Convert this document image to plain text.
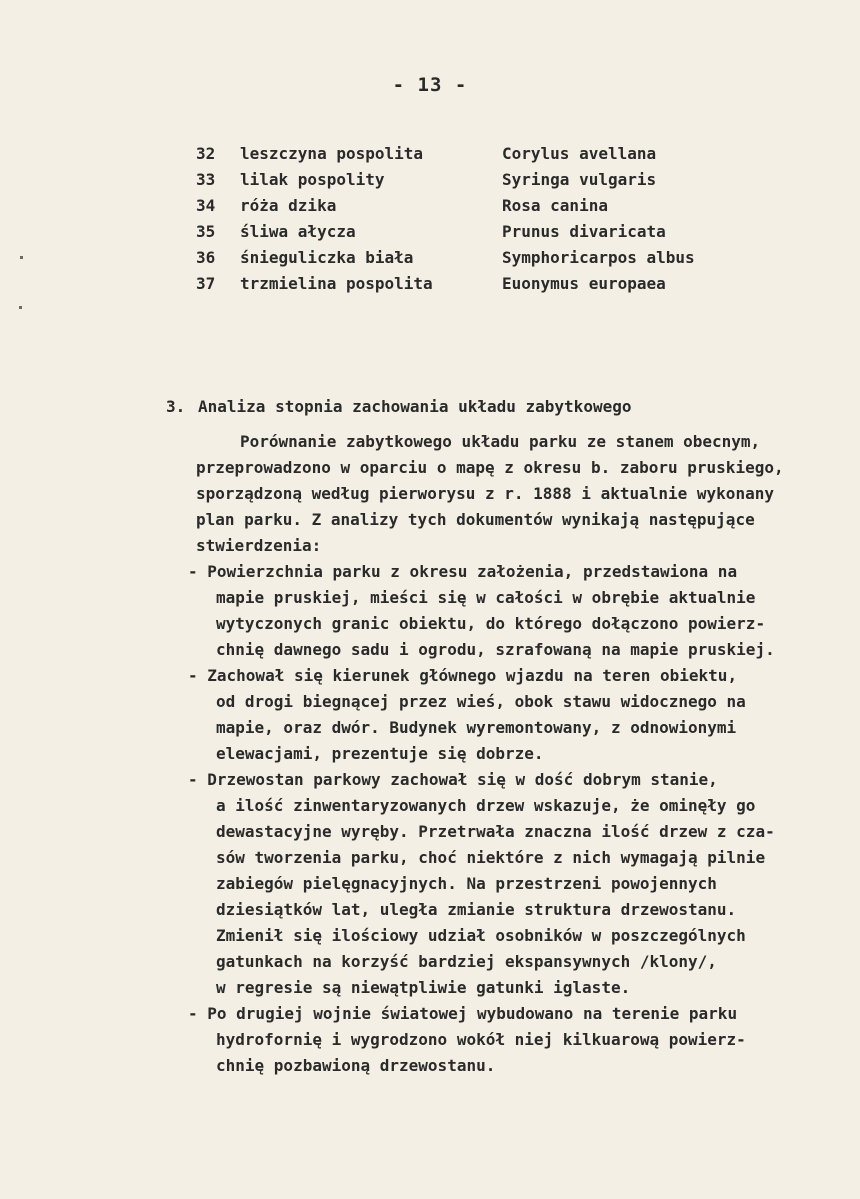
- 13 -
32 leszczyna pospolita	Corylus avellana
33 lilak pospolity	Syringa vulgaris
34 róża dzika	Rosa canina
35 śliwa ałycza	Prunus divaricata
36 śnieguliczka biała	Symphoricarpos albus
37 trzmielina pospolita	Euonymus europaea
3. Analiza stopnia zachowania układu zabytkowego
Porównanie zabytkowego układu parku ze stanem obecnym,
przeprowadzono w oparciu o mapę z okresu b. zaboru pruskiego,
sporządzoną według pierworysu z r. 1888 i aktualnie wykonany
plan parku. Z analizy tych dokumentów wynikają następujące
stwierdzenia:
- Powierzchnia parku z okresu założenia, przedstawiona na
mapie pruskiej, mieści się w całości w obrębie aktualnie
wytyczonych granic obiektu, do którego dołączono powierz-
chnię dawnego sadu i ogrodu, szrafowaną na mapie pruskiej.
- Zachował się kierunek głównego wjazdu na teren obiektu,
od drogi biegnącej przez wieś, obok stawu widocznego na
mapie, oraz dwór. Budynek wyremontowany, z odnowionymi
elewacjami, prezentuje się dobrze.
- Drzewostan parkowy zachował się w dość dobrym stanie,
a ilość zinwentaryzowanych drzew wskazuje, że ominęły go
dewastacyjne wyręby. Przetrwała znaczna ilość drzew z cza-
sów tworzenia parku, choć niektóre z nich wymagają pilnie
zabiegów pielęgnacyjnych. Na przestrzeni powojennych
dziesiątków lat, uległa zmianie struktura drzewostanu.
Zmienił się ilościowy udział osobników w poszczególnych
gatunkach na korzyść bardziej ekspansywnych /klony/,
w regresie są niewątpliwie gatunki iglaste.
- Po drugiej wojnie światowej wybudowano na terenie parku
hydrofornię i wygrodzono wokół niej kilkuarową powierz-
chnię pozbawioną drzewostanu.
